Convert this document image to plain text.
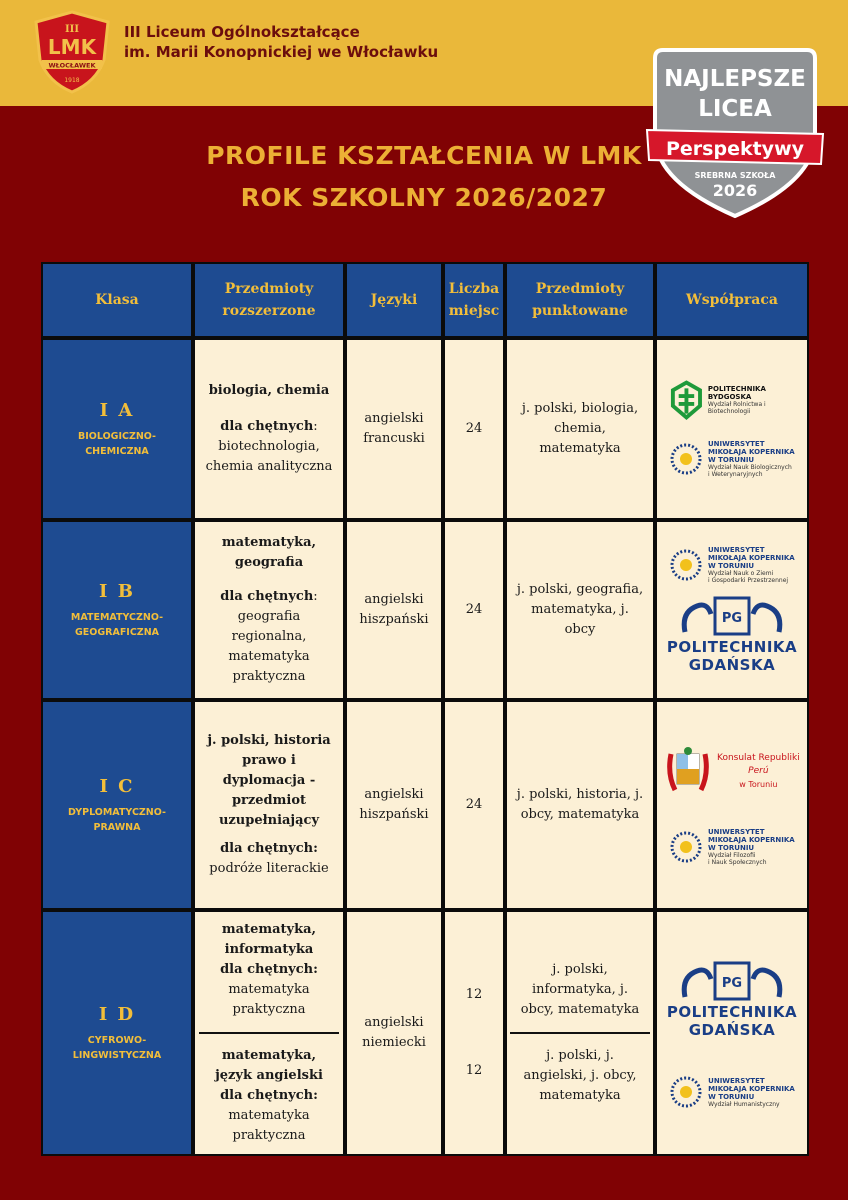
III
LMK
WŁOCŁAWEK
1918
III Liceum Ogólnokształcące
im. Marii Konopnickiej we Włocławku
NAJLEPSZE
LICEA
Perspektywy
SREBRNA SZKOŁA
2026
PROFILE KSZTAŁCENIA W LMK
ROK SZKOLNY 2026/2027
Klasa
Przedmioty
rozszerzone
Języki
Liczba
miejsc
Przedmioty
punktowane
Współpraca
I A
BIOLOGICZNO-
CHEMICZNA
biologia, chemia
dla chętnych: biotechnologia, chemia analityczna
angielski
francuski
24
j. polski, biologia, chemia, matematyka
POLITECHNIKA
BYDGOSKA
Wydział Rolnictwa i Biotechnologii
UNIWERSYTET
MIKOŁAJA KOPERNIKA
W TORUNIU
Wydział Nauk Biologicznych
i Weterynaryjnych
I B
MATEMATYCZNO-
GEOGRAFICZNA
matematyka, geografia
dla chętnych: geografia regionalna, matematyka praktyczna
angielski
hiszpański
24
j. polski, geografia, matematyka, j. obcy
UNIWERSYTET
MIKOŁAJA KOPERNIKA
W TORUNIU
Wydział Nauk o Ziemi
i Gospodarki Przestrzennej
PG
POLITECHNIKA
GDAŃSKA
I C
DYPLOMATYCZNO-
PRAWNA
j. polski, historia prawo i dyplomacja - przedmiot uzupełniający
dla chętnych: podróże literackie
angielski
hiszpański
24
j. polski, historia, j. obcy, matematyka
Konsulat Republiki
Perú
w Toruniu
UNIWERSYTET
MIKOŁAJA KOPERNIKA
W TORUNIU
Wydział Filozofii
i Nauk Społecznych
I D
CYFROWO-
LINGWISTYCZNA
matematyka, informatyka
dla chętnych:
matematyka praktyczna
matematyka, język angielski
dla chętnych:
matematyka praktyczna
angielski
niemiecki
12
12
j. polski, informatyka, j. obcy, matematyka
j. polski, j. angielski, j. obcy, matematyka
PG
POLITECHNIKA
GDAŃSKA
UNIWERSYTET
MIKOŁAJA KOPERNIKA
W TORUNIU
Wydział Humanistyczny
